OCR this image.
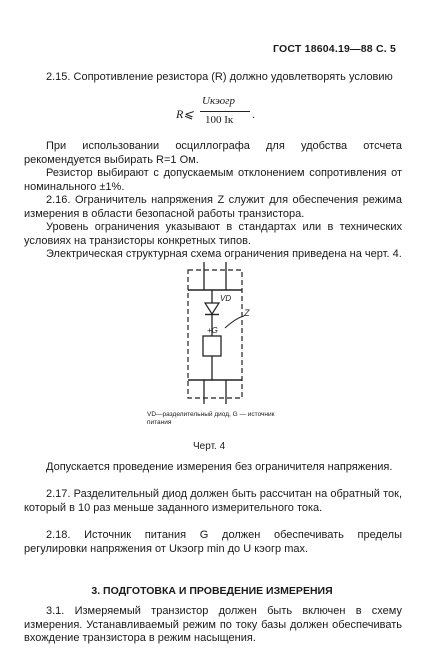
ГОСТ 18604.19—88 С. 5
2.15. Сопротивление резистора (R) должно удовлетворять условию
R⩽
Uкэогр
100 Iк .
При использовании осциллографа для удобства отсчета рекомендуется выбирать R=1 Ом.
Резистор выбирают с допускаемым отклонением сопротивления от номинального ±1%.
2.16. Ограничитель напряжения Z служит для обеспечения режима измерения в области безопасной работы транзистора.
Уровень ограничения указывают в стандартах или в технических условиях на транзисторы конкретных типов.
Электрическая структурная схема ограничения приведена на черт. 4.
VD
+G
Z
VD—разделительный диод, G — источник питания
Черт. 4
Допускается проведение измерения без ограничителя напряжения.
2.17. Разделительный диод должен быть рассчитан на обратный ток, который в 10 раз меньше заданного измерительного тока.
2.18. Источник питания G должен обеспечивать пределы регулировки напряжения от Uкэогр min до U кэогр max.
3. ПОДГОТОВКА И ПРОВЕДЕНИЕ ИЗМЕРЕНИЯ
3.1. Измеряемый транзистор должен быть включен в схему измерения. Устанавливаемый режим по току базы должен обеспечивать вхождение транзистора в режим насыщения.
